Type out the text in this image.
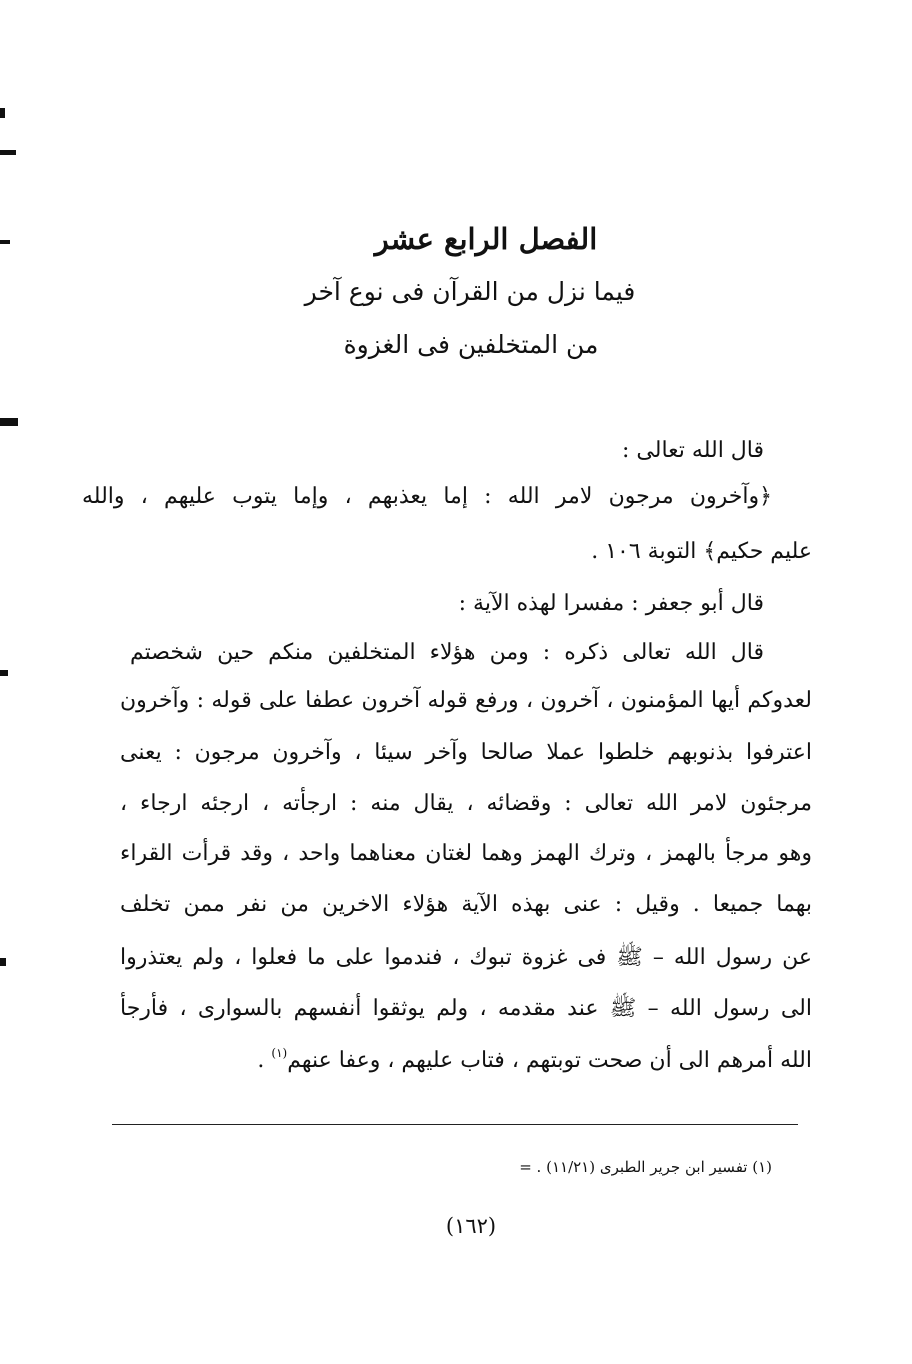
الفصل الرابع عشر
فيما نزل من القرآن فى نوع آخر
من المتخلفين فى الغزوة
قال الله تعالى :
﴿وآخرون مرجون لامر الله : إما يعذبهم ، وإما يتوب عليهم ، والله
عليم حكيم﴾ التوبة ١٠٦ .
قال أبو جعفر : مفسرا لهذه الآية :
قال الله تعالى ذكره : ومن هؤلاء المتخلفين منكم حين شخصتم
لعدوكم أيها المؤمنون ، آخرون ، ورفع قوله آخرون عطفا على قوله : وآخرون
اعترفوا بذنوبهم خلطوا عملا صالحا وآخر سيئا ، وآخرون مرجون : يعنى
مرجئون لامر الله تعالى : وقضائه ، يقال منه : ارجأته ، ارجئه ارجاء ،
وهو مرجأ بالهمز ، وترك الهمز وهما لغتان معناهما واحد ، وقد قرأت القراء
بهما جميعا . وقيل : عنى بهذه الآية هؤلاء الاخرين من نفر ممن تخلف
عن رسول الله – ﷺ فى غزوة تبوك ، فندموا على ما فعلوا ، ولم يعتذروا
الى رسول الله – ﷺ عند مقدمه ، ولم يوثقوا أنفسهم بالسوارى ، فأرجأ
الله أمرهم الى أن صحت توبتهم ، فتاب عليهم ، وعفا عنهم$^{(١)}$ .
(١) تفسير ابن جرير الطبرى (١١/٢١) . =
(١٦٢)
